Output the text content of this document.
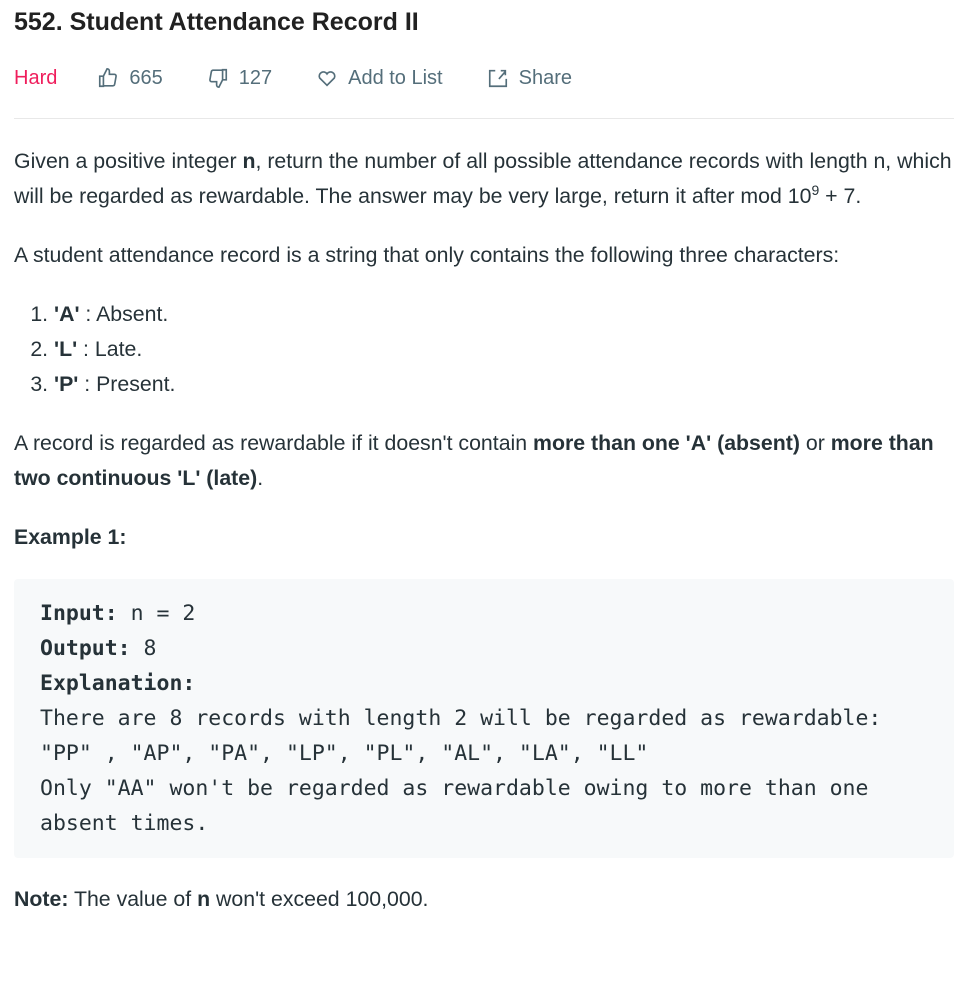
552. Student Attendance Record II
Hard	665	127	Add to List	Share

Given a positive integer n, return the number of all possible attendance records with length n, which will be regarded as rewardable. The answer may be very large, return it after mod $10^9 + 7$.

A student attendance record is a string that only contains the following three characters:

1. 'A' : Absent.
2. 'L' : Late.
3. 'P' : Present.

A record is regarded as rewardable if it doesn't contain more than one 'A' (absent) or more than two continuous 'L' (late).

Example 1:
Input: n = 2
Output: 8
Explanation:
There are 8 records with length 2 will be regarded as rewardable:
"PP" , "AP", "PA", "LP", "PL", "AL", "LA", "LL"
Only "AA" won't be regarded as rewardable owing to more than one
absent times.

Note: The value of n won't exceed 100,000.
